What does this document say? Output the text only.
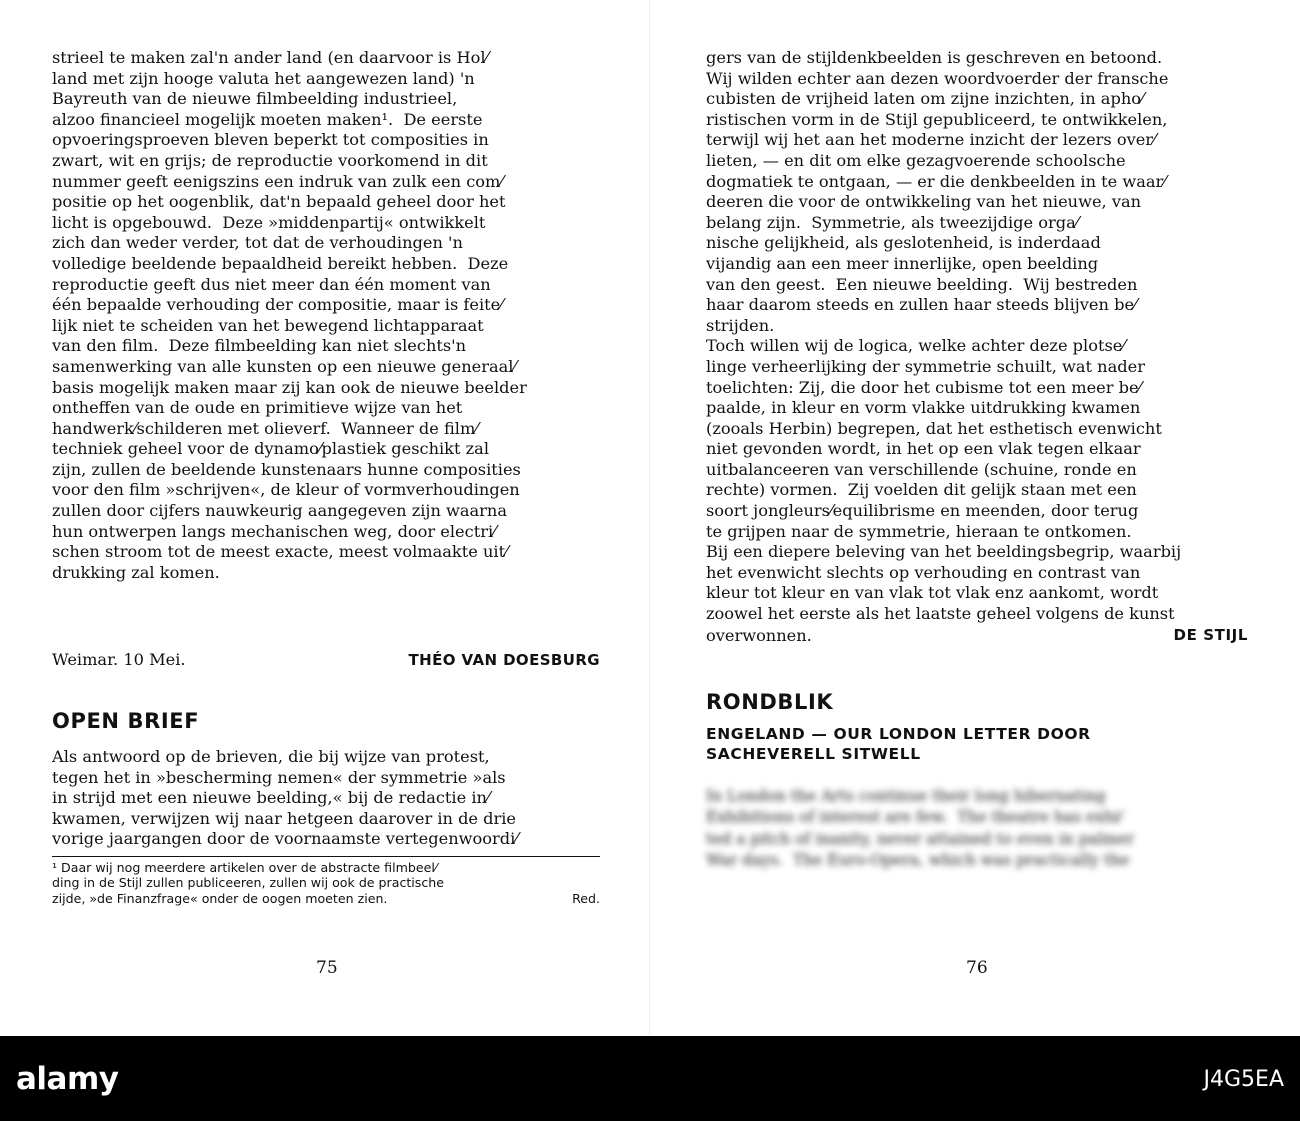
strieel te maken zal'n ander land (en daarvoor is Hol⁄
land met zijn hooge valuta het aangewezen land) 'n
Bayreuth van de nieuwe filmbeelding industrieel,
alzoo financieel mogelijk moeten maken¹.  De eerste
opvoeringsproeven bleven beperkt tot composities in
zwart, wit en grijs; de reproductie voorkomend in dit
nummer geeft eenigszins een indruk van zulk een com⁄
positie op het oogenblik, dat'n bepaald geheel door het
licht is opgebouwd.  Deze »middenpartij« ontwikkelt
zich dan weder verder, tot dat de verhoudingen 'n
volledige beeldende bepaaldheid bereikt hebben.  Deze
reproductie geeft dus niet meer dan één moment van
één bepaalde verhouding der compositie, maar is feite⁄
lijk niet te scheiden van het bewegend lichtapparaat
van den film.  Deze filmbeelding kan niet slechts'n
samenwerking van alle kunsten op een nieuwe generaal⁄
basis mogelijk maken maar zij kan ook de nieuwe beelder
ontheffen van de oude en primitieve wijze van het
handwerk⁄schilderen met olieverf.  Wanneer de film⁄
techniek geheel voor de dynamo⁄plastiek geschikt zal
zijn, zullen de beeldende kunstenaars hunne composities
voor den film »schrijven«, de kleur of vormverhoudingen
zullen door cijfers nauwkeurig aangegeven zijn waarna
hun ontwerpen langs mechanischen weg, door electri⁄
schen stroom tot de meest exacte, meest volmaakte uit⁄
drukking zal komen.

Weimar. 10 Mei.	THÉO VAN DOESBURG
OPEN BRIEF

Als antwoord op de brieven, die bij wijze van protest,
tegen het in »bescherming nemen« der symmetrie »als
in strijd met een nieuwe beelding,« bij de redactie in⁄
kwamen, verwijzen wij naar hetgeen daarover in de drie
vorige jaargangen door de voornaamste vertegenwoordi⁄

¹ Daar wij nog meerdere artikelen over de abstracte filmbeel⁄
ding in de Stijl zullen publiceeren, zullen wij ook de practische

zijde, »de Finanzfrage« onder de oogen moeten zien.	Red.
75

gers van de stijldenkbeelden is geschreven en betoond.
Wij wilden echter aan dezen woordvoerder der fransche
cubisten de vrijheid laten om zijne inzichten, in apho⁄
ristischen vorm in de Stijl gepubliceerd, te ontwikkelen,
terwijl wij het aan het moderne inzicht der lezers over⁄
lieten, — en dit om elke gezagvoerende schoolsche
dogmatiek te ontgaan, — er die denkbeelden in te waar⁄
deeren die voor de ontwikkeling van het nieuwe, van
belang zijn.  Symmetrie, als tweezijdige orga⁄
nische gelijkheid, als geslotenheid, is inderdaad
vijandig aan een meer innerlijke, open beelding
van den geest.  Een nieuwe beelding.  Wij bestreden
haar daarom steeds en zullen haar steeds blijven be⁄
strijden.
Toch willen wij de logica, welke achter deze plotse⁄
linge verheerlijking der symmetrie schuilt, wat nader
toelichten: Zij, die door het cubisme tot een meer be⁄
paalde, in kleur en vorm vlakke uitdrukking kwamen
(zooals Herbin) begrepen, dat het esthetisch evenwicht
niet gevonden wordt, in het op een vlak tegen elkaar
uitbalanceeren van verschillende (schuine, ronde en
rechte) vormen.  Zij voelden dit gelijk staan met een
soort jongleurs⁄equilibrisme en meenden, door terug
te grijpen naar de symmetrie, hieraan te ontkomen.
Bij een diepere beleving van het beeldingsbegrip, waarbij
het evenwicht slechts op verhouding en contrast van
kleur tot kleur en van vlak tot vlak enz aankomt, wordt
zoowel het eerste als het laatste geheel volgens de kunst

overwonnen.	DE STIJL
RONDBLIK

ENGELAND — OUR LONDON LETTER DOOR
SACHEVERELL SITWELL

In London the Arts continue their long hibernating
Exhibitions of interest are few.  The theatre has exhi⁄
ted a pitch of inanity, never attained to even in palmer
War days.  The Euro-Opera, which was practically the

76
alamy	J4G5EA
